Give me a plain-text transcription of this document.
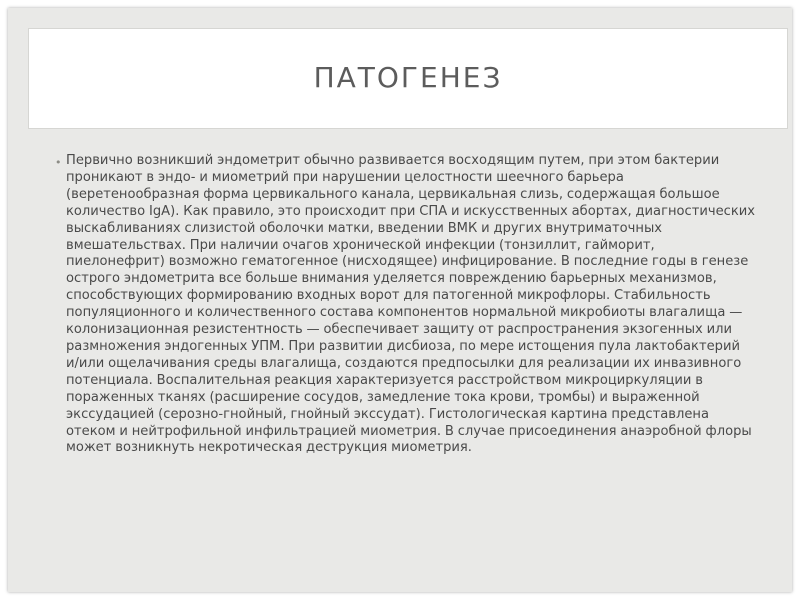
ПАТОГЕНЕЗ
• Первично возникший эндометрит обычно развивается восходящим путем, при этом бактерии проникают в эндо- и миометрий при нарушении целостности шеечного барьера (веретенообразная форма цервикального канала, цервикальная слизь, содержащая большое количество IgA). Как правило, это происходит при СПА и искусственных абортах, диагностических выскабливаниях слизистой оболочки матки, введении ВМК и других внутриматочных вмешательствах. При наличии очагов хронической инфекции (тонзиллит, гайморит, пиелонефрит) возможно гематогенное (нисходящее) инфицирование. В последние годы в генезе острого эндометрита все больше внимания уделяется повреждению барьерных механизмов, способствующих формированию входных ворот для патогенной микрофлоры. Стабильность популяционного и количественного состава компонентов нормальной микробиоты влагалища — колонизационная резистентность — обеспечивает защиту от распространения экзогенных или размножения эндогенных УПМ. При развитии дисбиоза, по мере истощения пула лактобактерий и/или ощелачивания среды влагалища, создаются предпосылки для реализации их инвазивного потенциала. Воспалительная реакция характеризуется расстройством микроциркуляции в пораженных тканях (расширение сосудов, замедление тока крови, тромбы) и выраженной экссудацией (серозно-гнойный, гнойный экссудат). Гистологическая картина представлена отеком и нейтрофильной инфильтрацией миометрия. В случае присоединения анаэробной флоры может возникнуть некротическая деструкция миометрия.
